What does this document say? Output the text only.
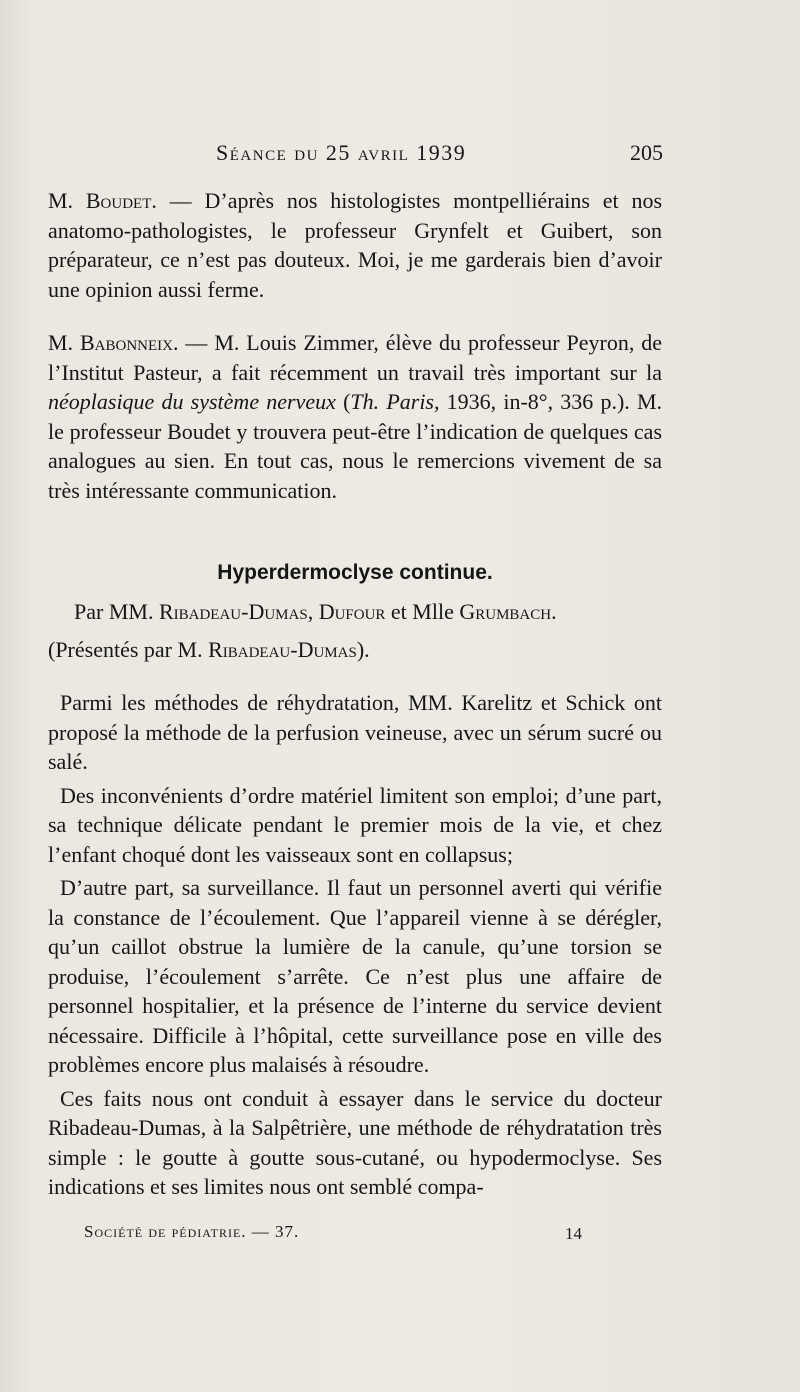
Séance du 25 avril 1939	205

M. Boudet. — D’après nos histologistes montpelliérains et nos anatomo-pathologistes, le professeur Grynfelt et Guibert, son préparateur, ce n’est pas douteux. Moi, je me garderais bien d’avoir une opinion aussi ferme.

M. Babonneix. — M. Louis Zimmer, élève du professeur Peyron, de l’Institut Pasteur, a fait récemment un travail très important sur la néoplasique du système nerveux (Th. Paris, 1936, in-8°, 336 p.). M. le professeur Boudet y trouvera peut-être l’indication de quelques cas analogues au sien. En tout cas, nous le remercions vivement de sa très intéressante communication.

Hyperdermoclyse continue.

Par MM. Ribadeau-Dumas, Dufour et Mlle Grumbach.

(Présentés par M. Ribadeau-Dumas).

Parmi les méthodes de réhydratation, MM. Karelitz et Schick ont proposé la méthode de la perfusion veineuse, avec un sérum sucré ou salé.

Des inconvénients d’ordre matériel limitent son emploi; d’une part, sa technique délicate pendant le premier mois de la vie, et chez l’enfant choqué dont les vaisseaux sont en collapsus;

D’autre part, sa surveillance. Il faut un personnel averti qui vérifie la constance de l’écoulement. Que l’appareil vienne à se dérégler, qu’un caillot obstrue la lumière de la canule, qu’une torsion se produise, l’écoulement s’arrête. Ce n’est plus une affaire de personnel hospitalier, et la présence de l’interne du service devient nécessaire. Difficile à l’hôpital, cette surveillance pose en ville des problèmes encore plus malaisés à résoudre.

Ces faits nous ont conduit à essayer dans le service du docteur Ribadeau-Dumas, à la Salpêtrière, une méthode de réhydratation très simple : le goutte à goutte sous-cutané, ou hypodermoclyse. Ses indications et ses limites nous ont semblé compa-

Société de pédiatrie. — 37.	14
